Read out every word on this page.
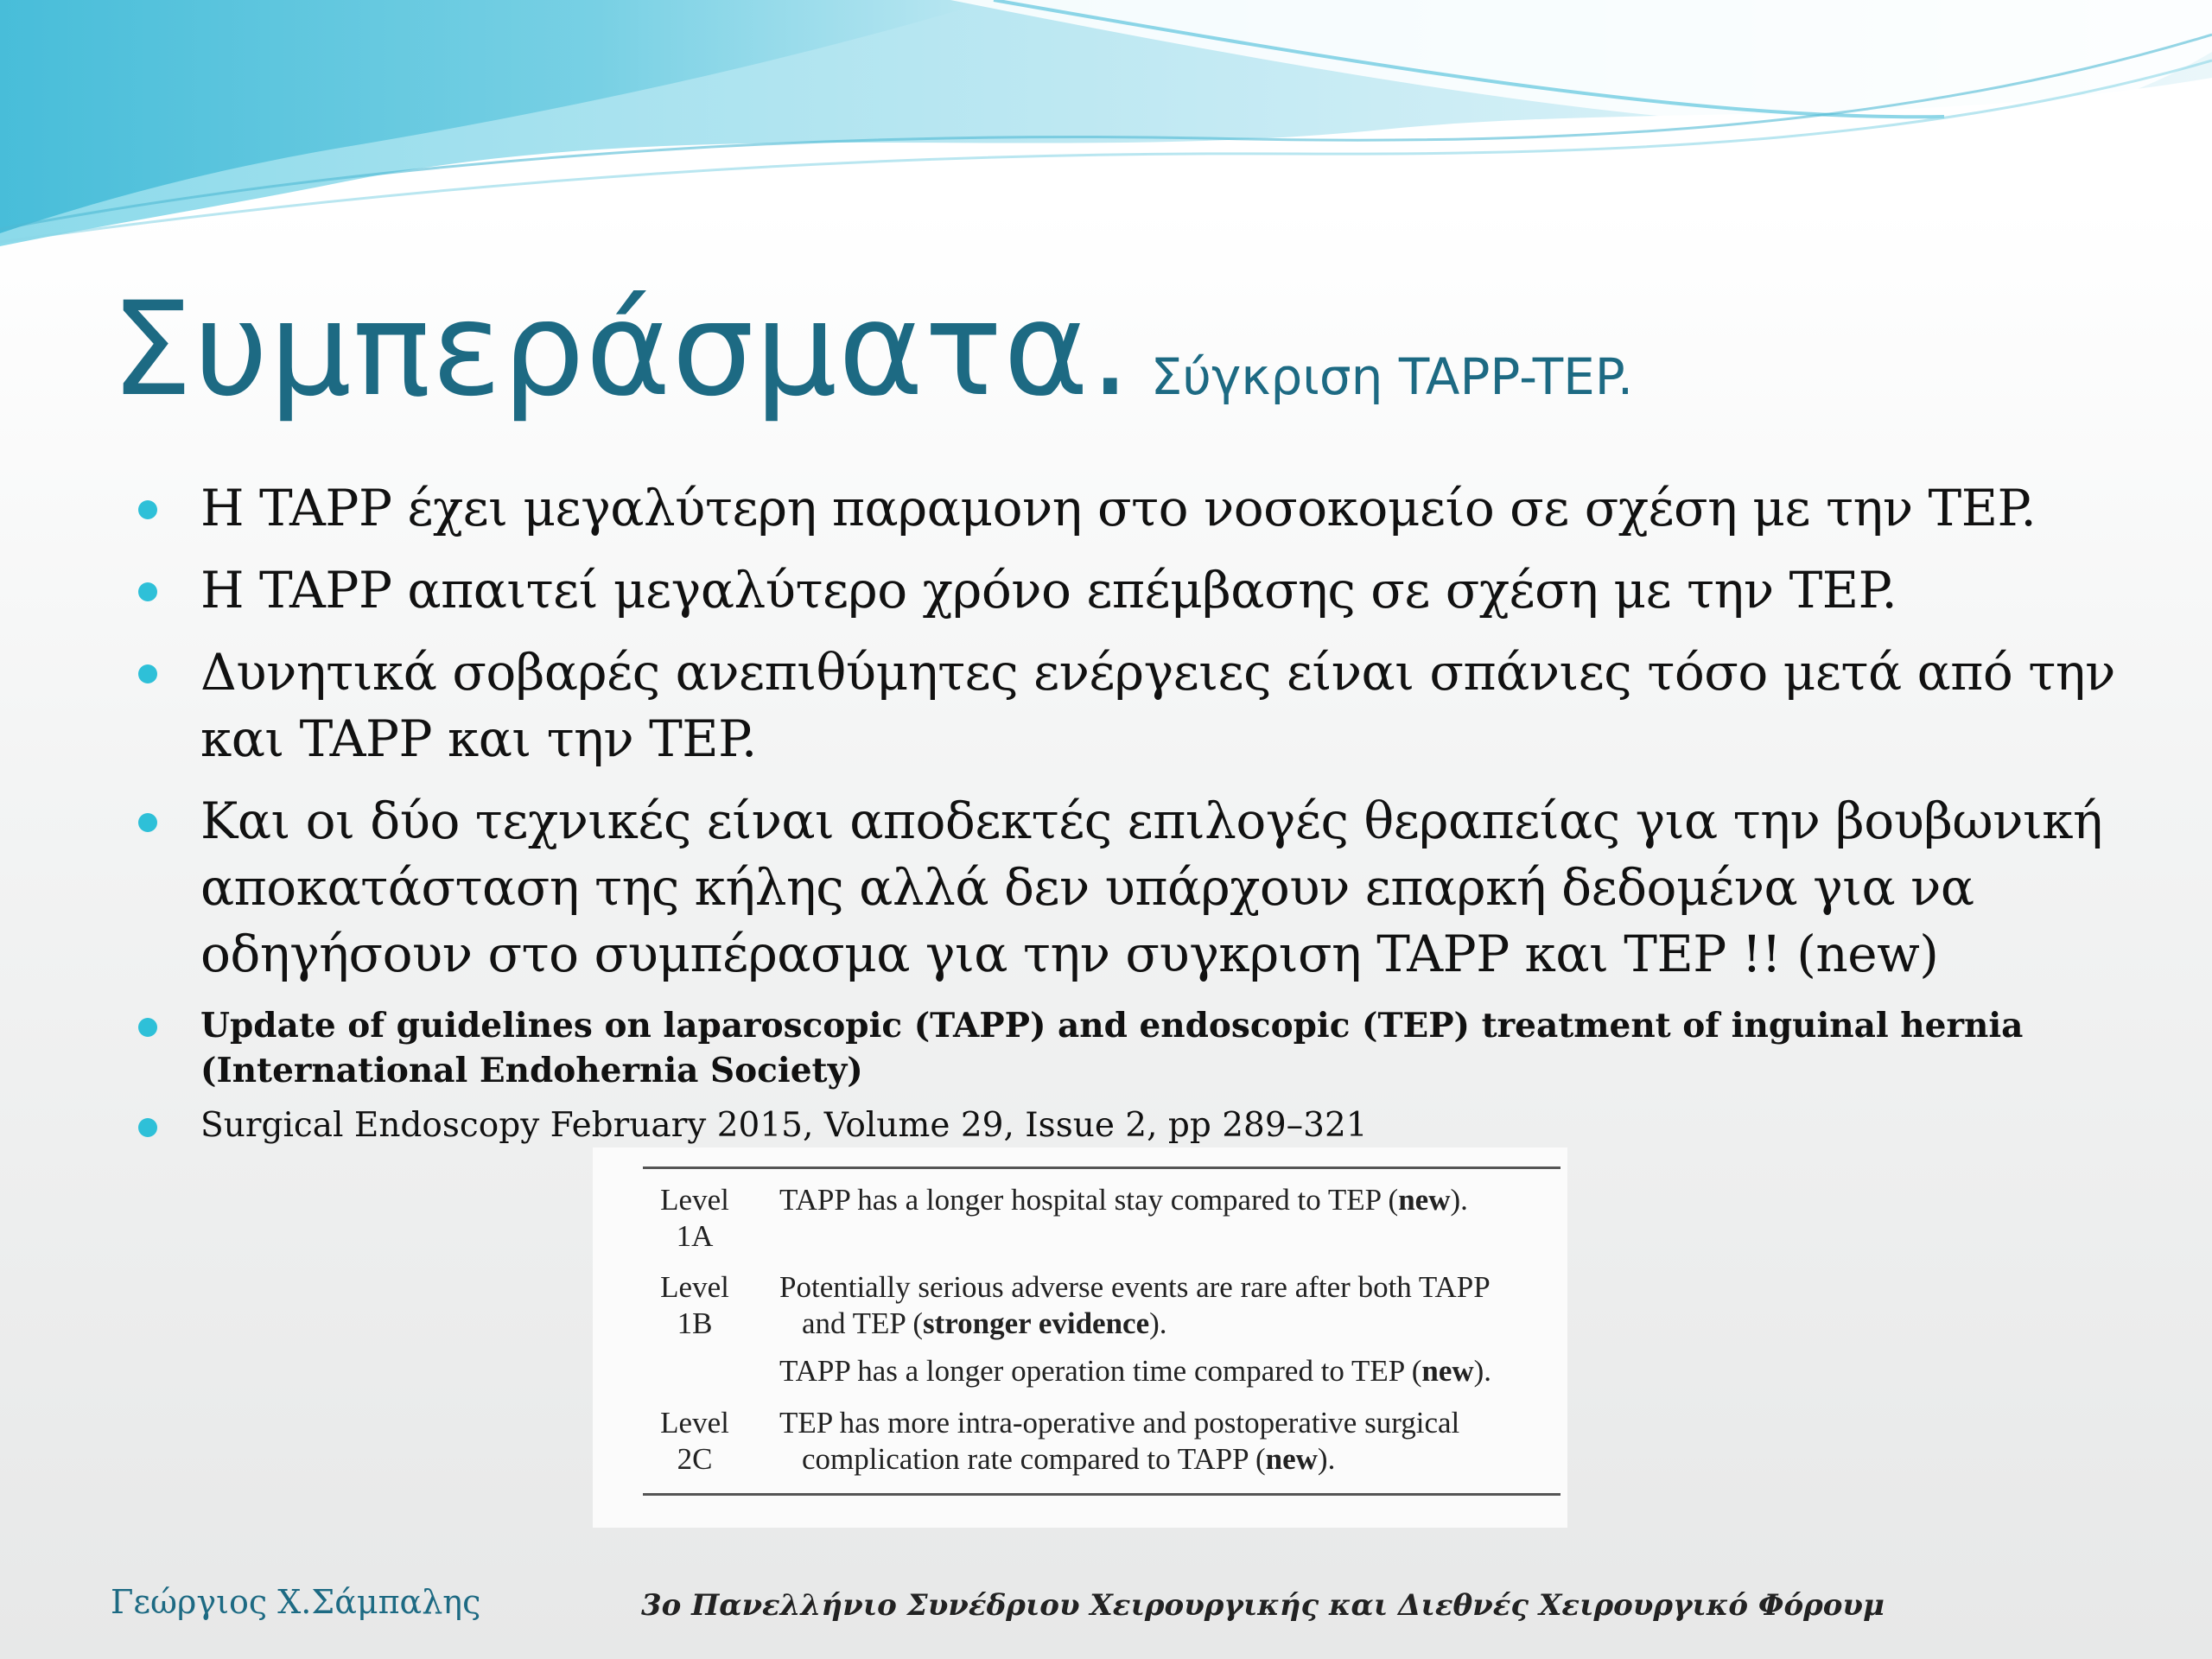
Συμπεράσματα. Σύγκριση TAPP-TEP.
Η TAPP έχει μεγαλύτερη παραμονη στο νοσοκομείο σε σχέση με την TEP.
Η TAPP απαιτεί μεγαλύτερο χρόνο επέμβασης σε σχέση με την TEP.
Δυνητικά σοβαρές ανεπιθύμητες ενέργειες είναι σπάνιες τόσο μετά από την και TAPP και την TEP.
Και οι δύο τεχνικές είναι αποδεκτές επιλογές θεραπείας για την βουβωνική αποκατάσταση της κήλης αλλά δεν υπάρχουν επαρκή δεδομένα για να οδηγήσουν στο συμπέρασμα για την συγκριση TAPP και TEP !! (new)
Update of guidelines on laparoscopic (TAPP) and endoscopic (TEP) treatment of inguinal hernia (International Endohernia Society)
Surgical Endoscopy February 2015, Volume 29, Issue 2, pp 289–321
Level
1A
TAPP has a longer hospital stay compared to TEP (new).
Level
1B
Potentially serious adverse events are rare after both TAPP
and TEP (stronger evidence).
TAPP has a longer operation time compared to TEP (new).
Level
2C
TEP has more intra-operative and postoperative surgical
complication rate compared to TAPP (new).
Γεώργιος Χ.Σάμπαλης	3ο Πανελλήνιο Συνέδριου Χειρουργικής και Διεθνές Χειρουργικό Φόρουμ
